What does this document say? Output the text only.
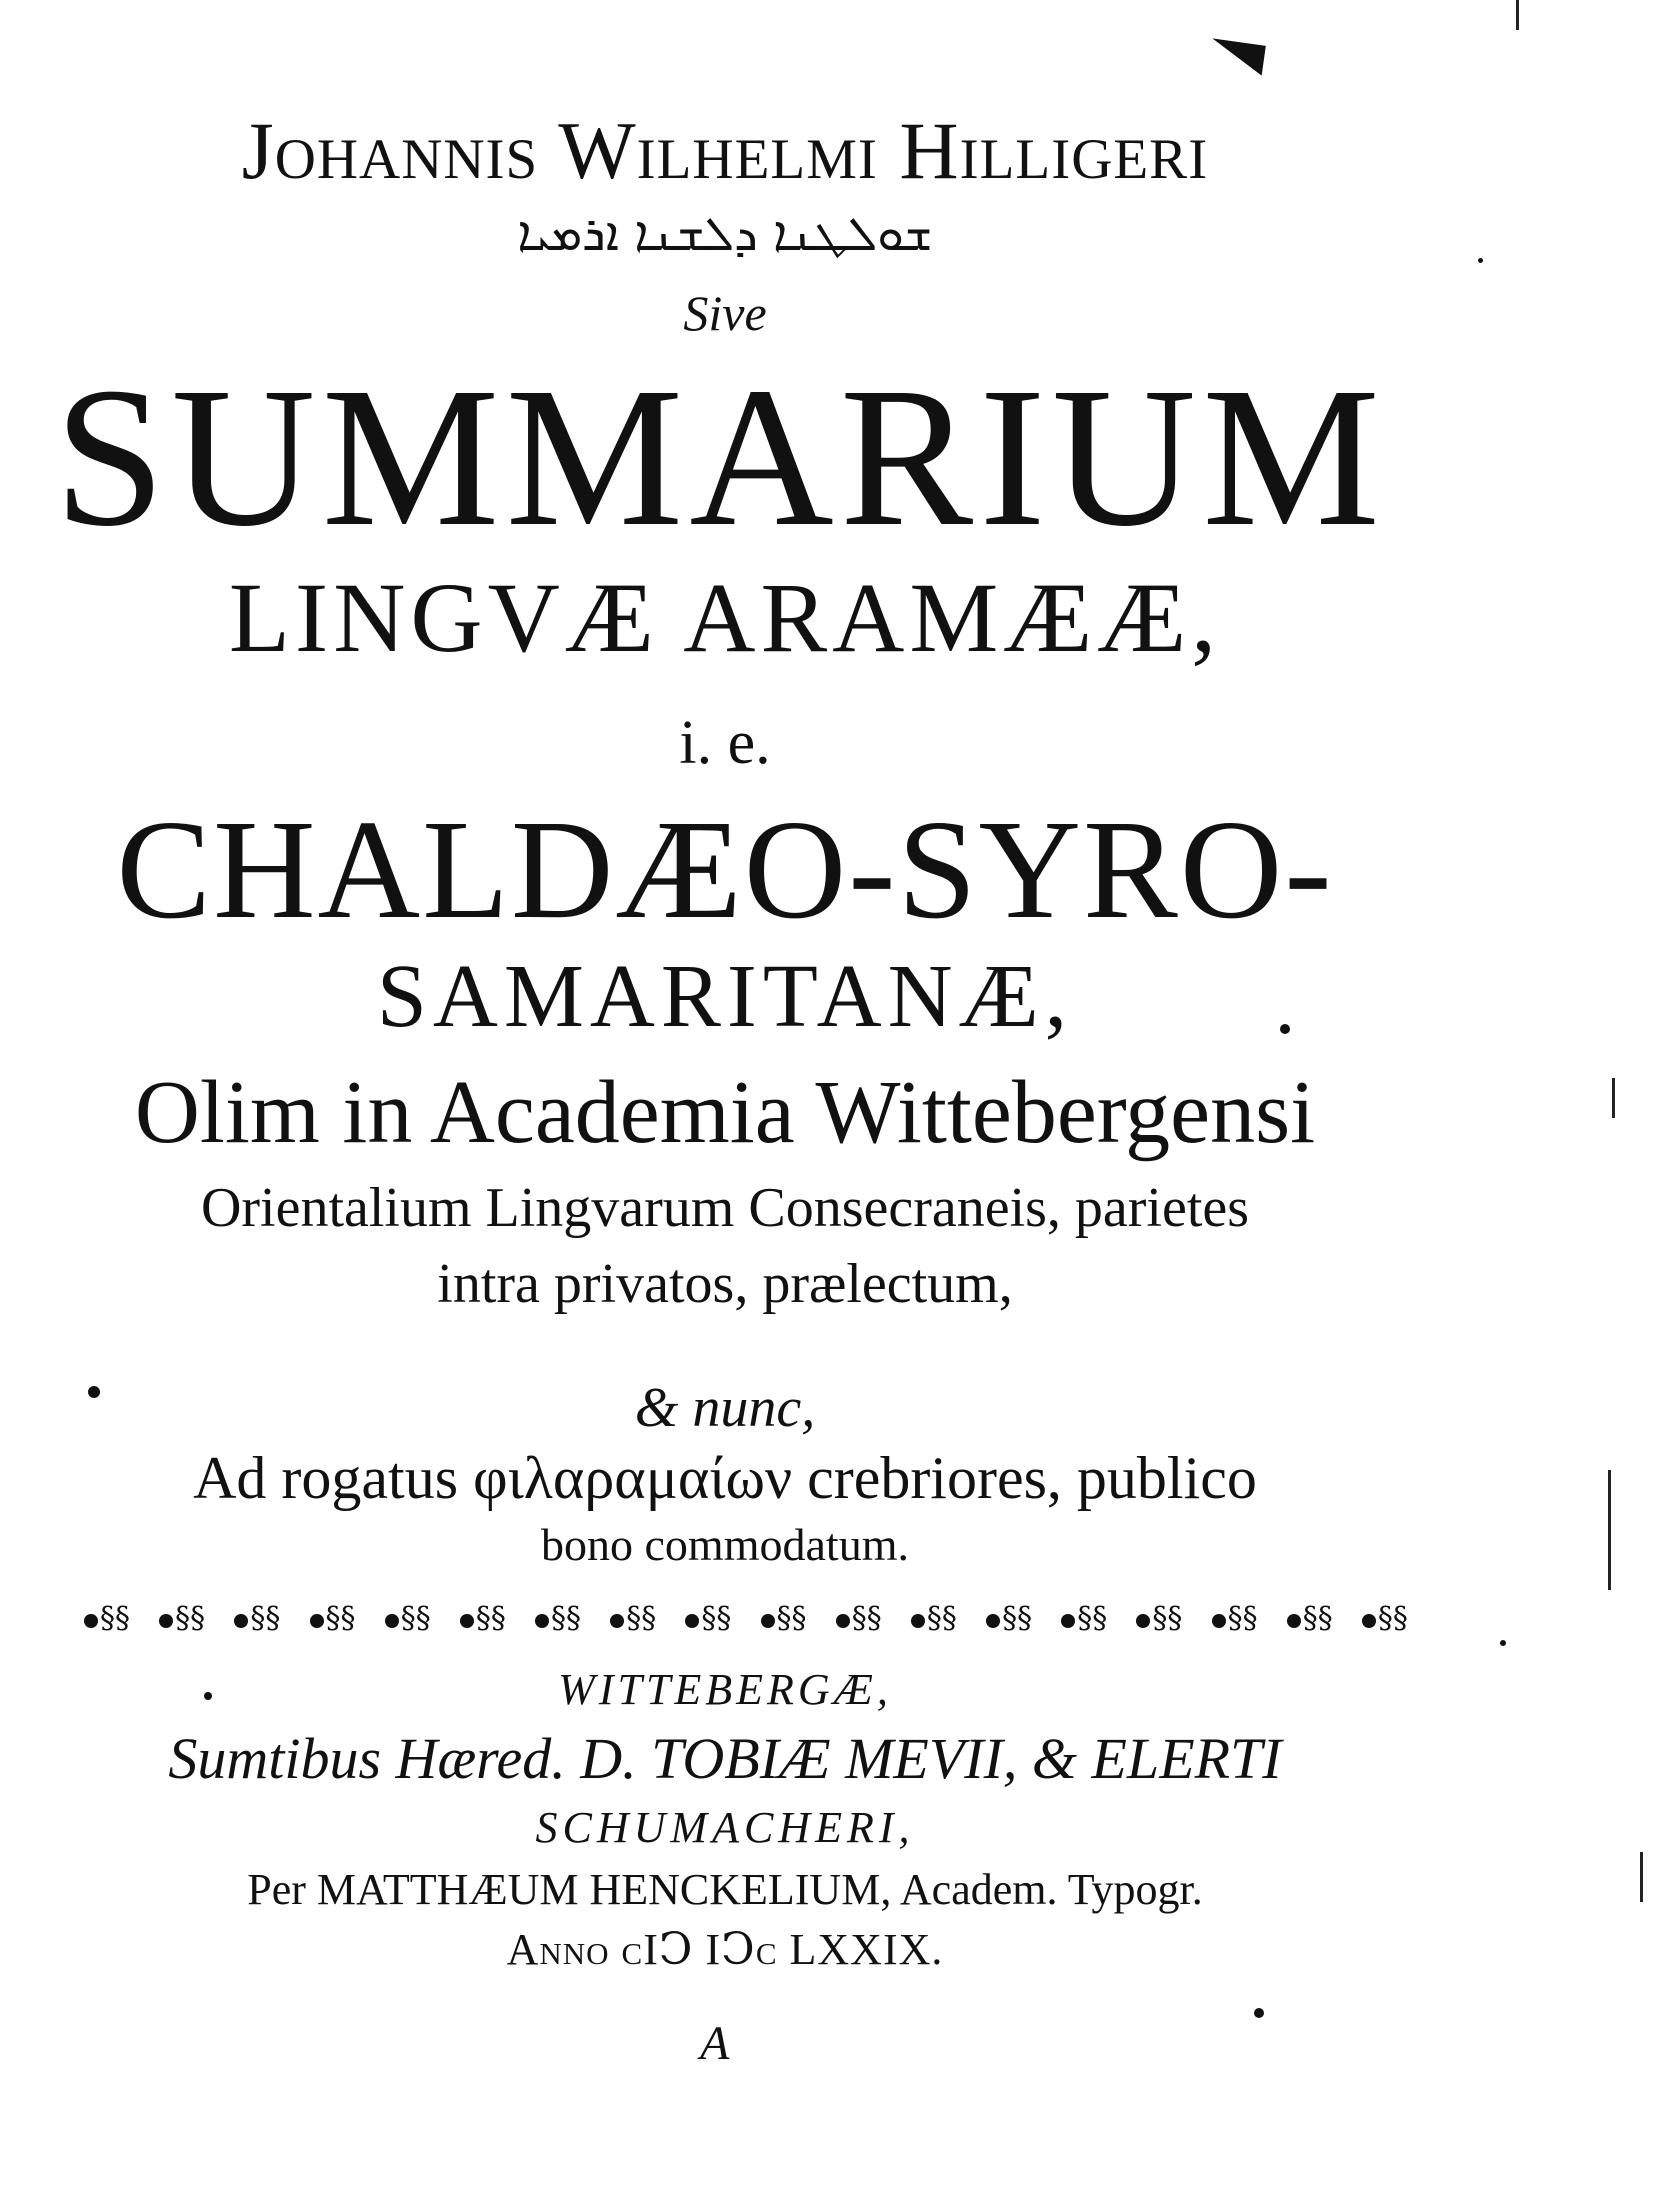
Johannis Wilhelmi Hilligeri
ܫܘܠܛܢܐ ܕܠܫܢܐ ܐܪܡܝܐ
Sive
SUMMARIUM
LINGVÆ ARAMÆÆ,
i. e.
CHALDÆO-SYRO-
SAMARITANÆ,
Olim in Academia Wittebergensi
Orientalium Lingvarum Consecraneis, parietes
intra privatos, prælectum,
& nunc,
Ad rogatus φιλαραμαίων crebriores, publico
bono commodatum.
§§
§§
§§
§§
§§
§§
§§
§§
§§
§§
§§
§§
§§
§§
§§
§§
§§
§§
WITTEBERGÆ,
Sumtibus Hæred. D. TOBIÆ MEVII, & ELERTI
SCHUMACHERI,
Per MATTHÆUM HENCKELIUM, Academ. Typogr.
Anno cIↃ IↃc LXXIX.
A
